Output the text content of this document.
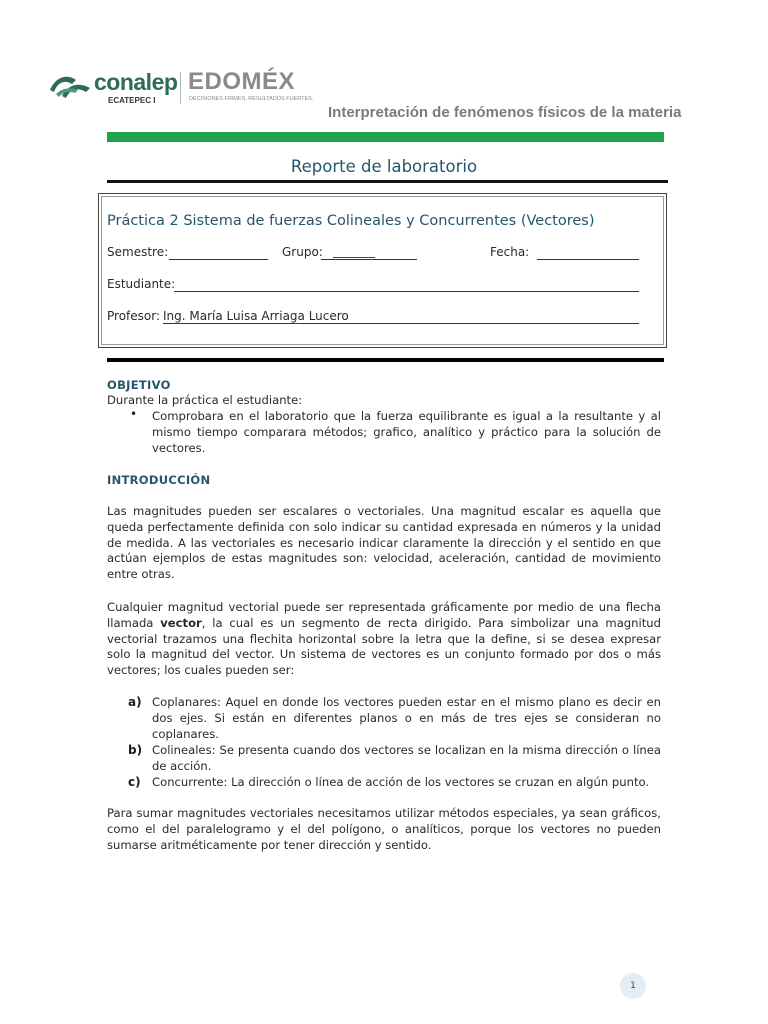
conalep
ECATEPEC I
EDOMÉX
DECISIONES FIRMES, RESULTADOS FUERTES.
Interpretación de fenómenos físicos de la materia
Reporte de laboratorio
Práctica 2 Sistema de fuerzas Colineales y Concurrentes (Vectores)
Semestre:	Grupo: _______	Fecha:
Estudiante:
Profesor: Ing. María Luisa Arriaga Lucero
OBJETIVO
Durante la práctica el estudiante:
• Comprobara en el laboratorio que la fuerza equilibrante es igual a la resultante y al mismo tiempo comparara métodos; grafico, analítico y práctico para la solución de vectores.
INTRODUCCIÓN
Las magnitudes pueden ser escalares o vectoriales. Una magnitud escalar es aquella que queda perfectamente definida con solo indicar su cantidad expresada en números y la unidad de medida. A las vectoriales es necesario indicar claramente la dirección y el sentido en que actúan ejemplos de estas magnitudes son: velocidad, aceleración, cantidad de movimiento entre otras.
Cualquier magnitud vectorial puede ser representada gráficamente por medio de una flecha llamada vector, la cual es un segmento de recta dirigido. Para simbolizar una magnitud vectorial trazamos una flechita horizontal sobre la letra que la define, si se desea expresar solo la magnitud del vector. Un sistema de vectores es un conjunto formado por dos o más vectores; los cuales pueden ser:
a) Coplanares: Aquel en donde los vectores pueden estar en el mismo plano es decir en dos ejes. Si están en diferentes planos o en más de tres ejes se consideran no coplanares.
b) Colineales: Se presenta cuando dos vectores se localizan en la misma dirección o línea de acción.
c) Concurrente: La dirección o línea de acción de los vectores se cruzan en algún punto.
Para sumar magnitudes vectoriales necesitamos utilizar métodos especiales, ya sean gráficos, como el del paralelogramo y el del polígono, o analíticos, porque los vectores no pueden sumarse aritméticamente por tener dirección y sentido.
1
